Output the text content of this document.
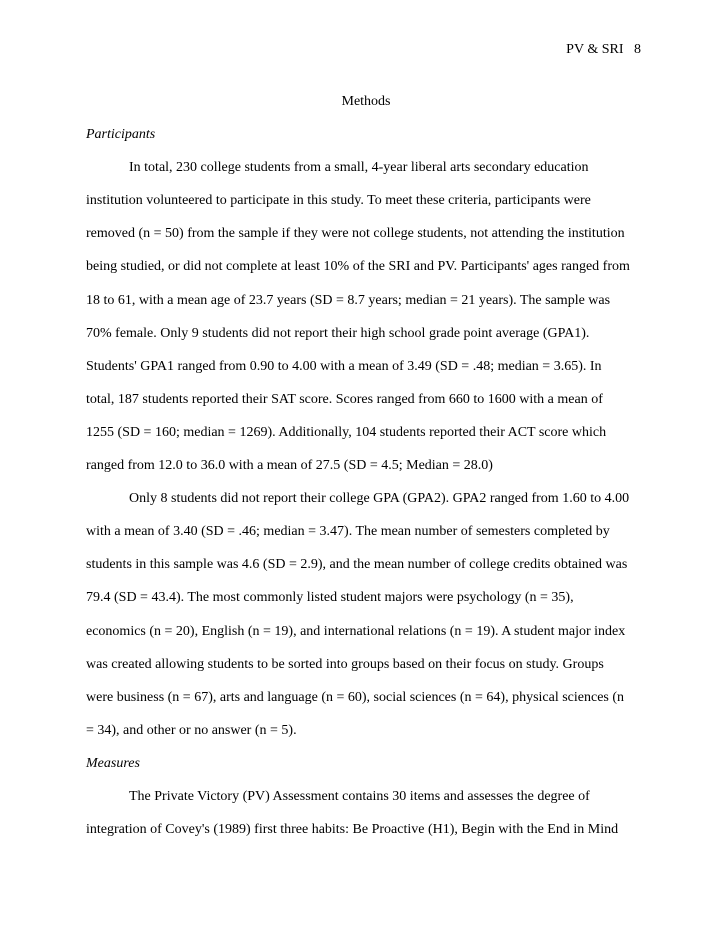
PV & SRI   8
Methods
Participants
In total, 230 college students from a small, 4-year liberal arts secondary education
institution volunteered to participate in this study. To meet these criteria, participants were
removed (n = 50) from the sample if they were not college students, not attending the institution
being studied, or did not complete at least 10% of the SRI and PV. Participants' ages ranged from
18 to 61, with a mean age of 23.7 years (SD = 8.7 years; median = 21 years). The sample was
70% female. Only 9 students did not report their high school grade point average (GPA1).
Students' GPA1 ranged from 0.90 to 4.00 with a mean of 3.49 (SD = .48; median = 3.65). In
total, 187 students reported their SAT score. Scores ranged from 660 to 1600 with a mean of
1255 (SD = 160; median = 1269). Additionally, 104 students reported their ACT score which
ranged from 12.0 to 36.0 with a mean of 27.5 (SD = 4.5; Median = 28.0)
Only 8 students did not report their college GPA (GPA2). GPA2 ranged from 1.60 to 4.00
with a mean of 3.40 (SD = .46; median = 3.47). The mean number of semesters completed by
students in this sample was 4.6 (SD = 2.9), and the mean number of college credits obtained was
79.4 (SD = 43.4). The most commonly listed student majors were psychology (n = 35),
economics (n = 20), English (n = 19), and international relations (n = 19). A student major index
was created allowing students to be sorted into groups based on their focus on study. Groups
were business (n = 67), arts and language (n = 60), social sciences (n = 64), physical sciences (n
= 34), and other or no answer (n = 5).
Measures
The Private Victory (PV) Assessment contains 30 items and assesses the degree of
integration of Covey's (1989) first three habits: Be Proactive (H1), Begin with the End in Mind
